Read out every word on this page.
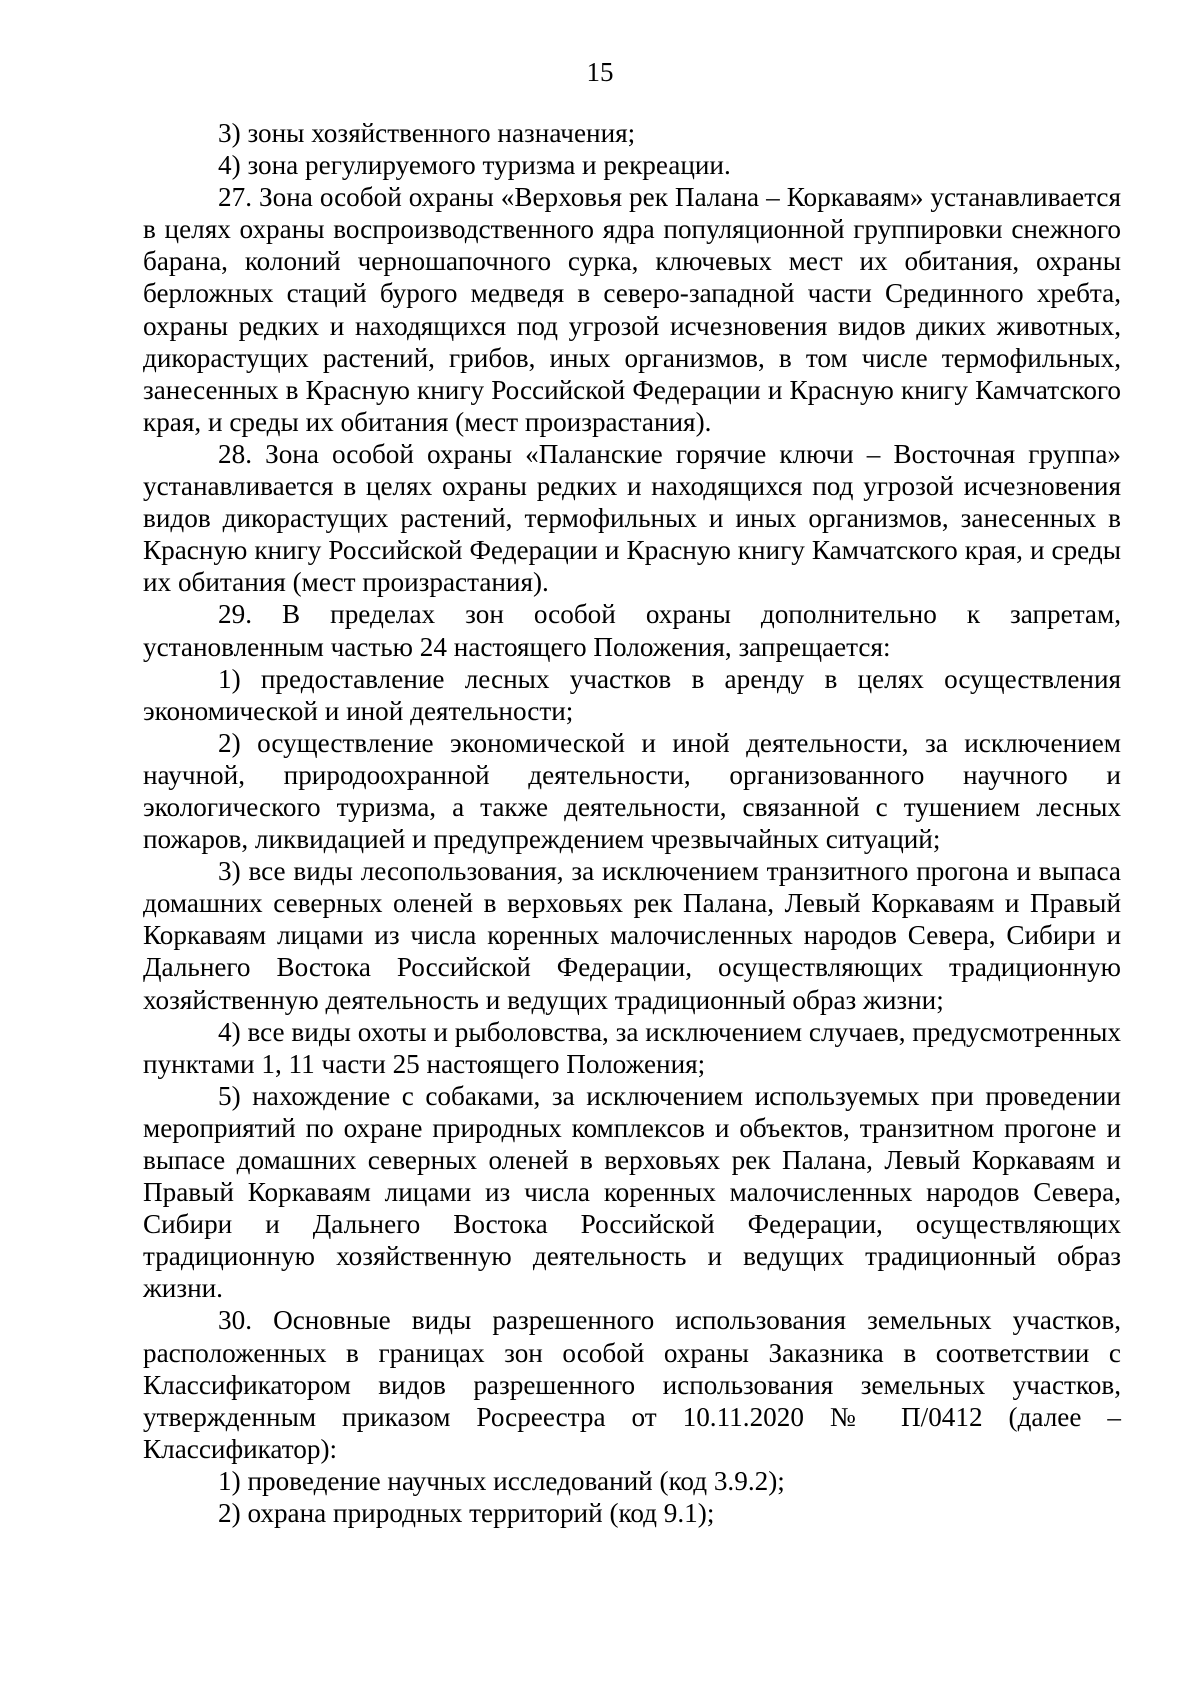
15

3) зоны хозяйственного назначения;

4) зона регулируемого туризма и рекреации.

27. Зона особой охраны «Верховья рек Палана – Коркаваям» устанавливается в целях охраны воспроизводственного ядра популяционной группировки снежного барана, колоний черношапочного сурка, ключевых мест их обитания, охраны берложных стаций бурого медведя в северо-западной части Срединного хребта, охраны редких и находящихся под угрозой исчезновения видов диких животных, дикорастущих растений, грибов, иных организмов, в том числе термофильных, занесенных в Красную книгу Российской Федерации и Красную книгу Камчатского края, и среды их обитания (мест произрастания).

28. Зона особой охраны «Паланские горячие ключи – Восточная группа» устанавливается в целях охраны редких и находящихся под угрозой исчезновения видов дикорастущих растений, термофильных и иных организмов, занесенных в Красную книгу Российской Федерации и Красную книгу Камчатского края, и среды их обитания (мест произрастания).

29. В пределах зон особой охраны дополнительно к запретам, установленным частью 24 настоящего Положения, запрещается:

1) предоставление лесных участков в аренду в целях осуществления экономической и иной деятельности;

2) осуществление экономической и иной деятельности, за исключением научной, природоохранной деятельности, организованного научного и экологического туризма, а также деятельности, связанной с тушением лесных пожаров, ликвидацией и предупреждением чрезвычайных ситуаций;

3) все виды лесопользования, за исключением транзитного прогона и выпаса домашних северных оленей в верховьях рек Палана, Левый Коркаваям и Правый Коркаваям лицами из числа коренных малочисленных народов Севера, Сибири и Дальнего Востока Российской Федерации, осуществляющих традиционную хозяйственную деятельность и ведущих традиционный образ жизни;

4) все виды охоты и рыболовства, за исключением случаев, предусмотренных пунктами 1, 11 части 25 настоящего Положения;

5) нахождение с собаками, за исключением используемых при проведении мероприятий по охране природных комплексов и объектов, транзитном прогоне и выпасе домашних северных оленей в верховьях рек Палана, Левый Коркаваям и Правый Коркаваям лицами из числа коренных малочисленных народов Севера, Сибири и Дальнего Востока Российской Федерации, осуществляющих традиционную хозяйственную деятельность и ведущих традиционный образ жизни.

30. Основные виды разрешенного использования земельных участков, расположенных в границах зон особой охраны Заказника в соответствии с Классификатором видов разрешенного использования земельных участков, утвержденным приказом Росреестра от 10.11.2020 № П/0412 (далее – Классификатор):

1) проведение научных исследований (код 3.9.2);

2) охрана природных территорий (код 9.1);
